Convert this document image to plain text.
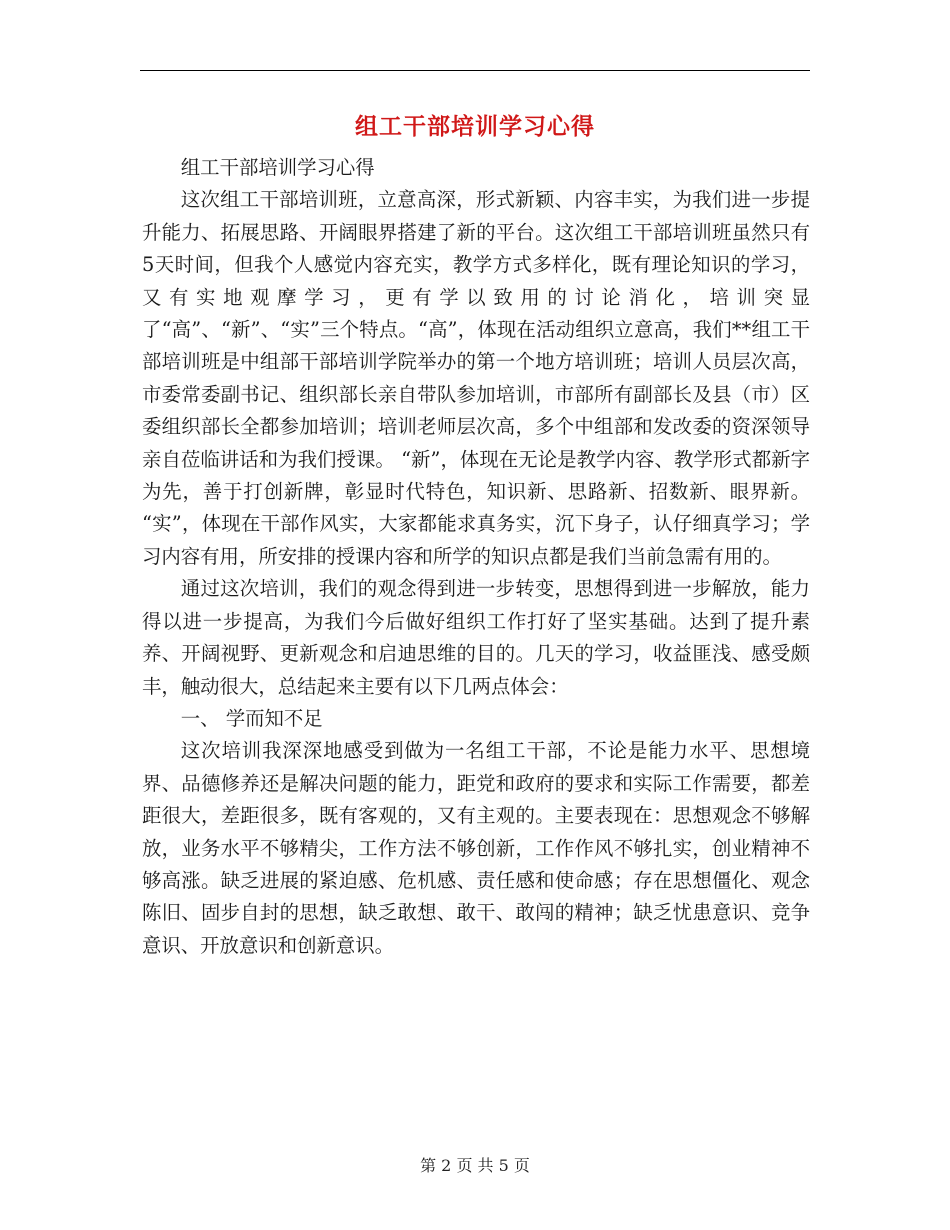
组工干部培训学习心得

组工干部培训学习心得

这次组工干部培训班，立意高深，形式新颖、内容丰实，为我们进一步提升能力、拓展思路、开阔眼界搭建了新的平台。这次组工干部培训班虽然只有5天时间，但我个人感觉内容充实，教学方式多样化，既有理论知识的学习，又有实地观摩学习，更有学以致用的讨论消化，培训突显了“高”、“新”、“实”三个特点。“高”，体现在活动组织立意高，我们**组工干部培训班是中组部干部培训学院举办的第一个地方培训班；培训人员层次高，市委常委副书记、组织部长亲自带队参加培训，市部所有副部长及县（市）区委组织部长全都参加培训；培训老师层次高，多个中组部和发改委的资深领导亲自莅临讲话和为我们授课。 “新”，体现在无论是教学内容、教学形式都新字为先，善于打创新牌，彰显时代特色，知识新、思路新、招数新、眼界新。 “实”，体现在干部作风实，大家都能求真务实，沉下身子，认仔细真学习；学习内容有用，所安排的授课内容和所学的知识点都是我们当前急需有用的。

通过这次培训，我们的观念得到进一步转变，思想得到进一步解放，能力得以进一步提高，为我们今后做好组织工作打好了坚实基础。达到了提升素养、开阔视野、更新观念和启迪思维的目的。几天的学习，收益匪浅、感受颇丰，触动很大，总结起来主要有以下几两点体会：

一、 学而知不足

这次培训我深深地感受到做为一名组工干部，不论是能力水平、思想境界、品德修养还是解决问题的能力，距党和政府的要求和实际工作需要，都差距很大，差距很多，既有客观的，又有主观的。主要表现在：思想观念不够解放，业务水平不够精尖，工作方法不够创新，工作作风不够扎实，创业精神不够高涨。缺乏进展的紧迫感、危机感、责任感和使命感；存在思想僵化、观念陈旧、固步自封的思想，缺乏敢想、敢干、敢闯的精神；缺乏忧患意识、竞争意识、开放意识和创新意识。

第 2 页 共 5 页
